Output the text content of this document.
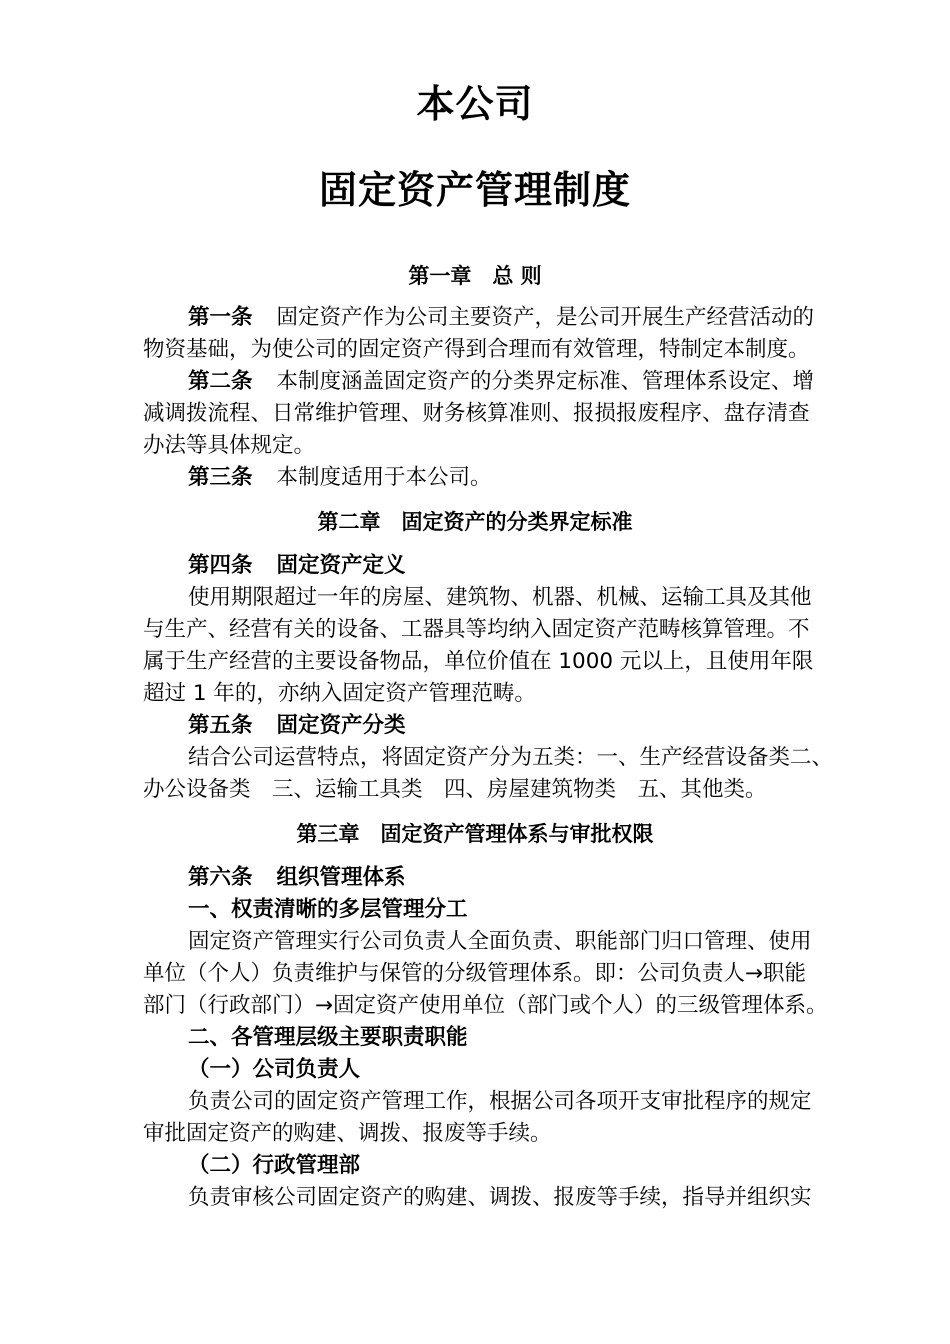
本公司
固定资产管理制度
第一章　总 则
第一条 固定资产作为公司主要资产，是公司开展生产经营活动的
物资基础，为使公司的固定资产得到合理而有效管理，特制定本制度。
第二条 本制度涵盖固定资产的分类界定标准、管理体系设定、增
减调拨流程、日常维护管理、财务核算准则、报损报废程序、盘存清查
办法等具体规定。
第三条 本制度适用于本公司。
第二章　固定资产的分类界定标准
第四条 固定资产定义
使用期限超过一年的房屋、建筑物、机器、机械、运输工具及其他
与生产、经营有关的设备、工器具等均纳入固定资产范畴核算管理。不
属于生产经营的主要设备物品，单位价值在 1000 元以上，且使用年限
超过 1 年的，亦纳入固定资产管理范畴。
第五条 固定资产分类
结合公司运营特点，将固定资产分为五类：一、生产经营设备类二、
办公设备类　三、运输工具类　四、房屋建筑物类　五、其他类。
第三章　固定资产管理体系与审批权限
第六条 组织管理体系
一、权责清晰的多层管理分工
固定资产管理实行公司负责人全面负责、职能部门归口管理、使用
单位（个人）负责维护与保管的分级管理体系。即：公司负责人→职能
部门（行政部门）→固定资产使用单位（部门或个人）的三级管理体系。
二、各管理层级主要职责职能
（一）公司负责人
负责公司的固定资产管理工作，根据公司各项开支审批程序的规定
审批固定资产的购建、调拨、报废等手续。
（二）行政管理部
负责审核公司固定资产的购建、调拨、报废等手续，指导并组织实
